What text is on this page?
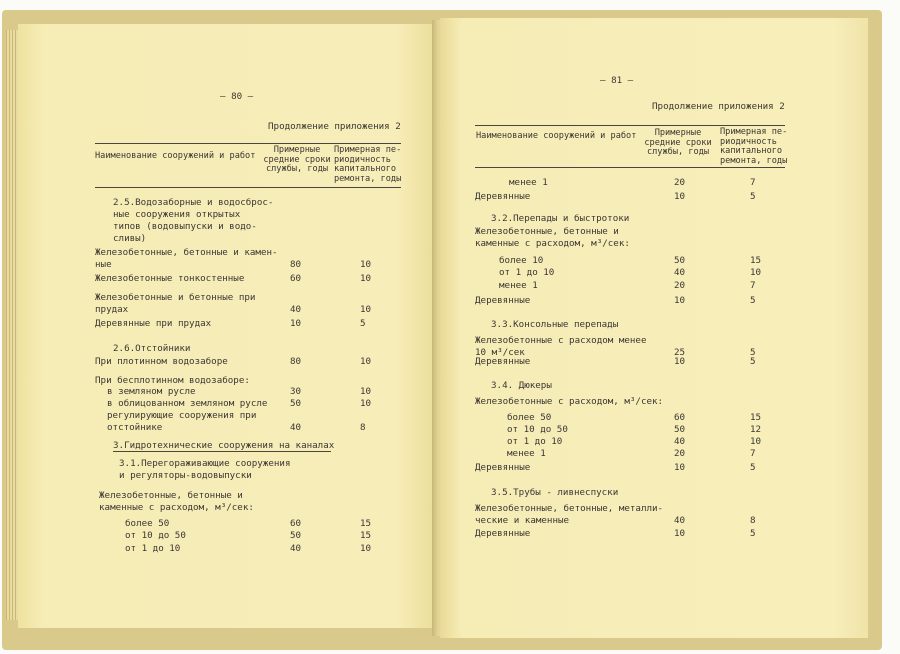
— 80 —
Продолжение приложения 2
Наименование сооружений и работ
Примерные
средние сроки
службы, годы
Примерная пе-
риодичность
капитального
ремонта, годы
2.5.Водозаборные и водосброс-
ные сооружения открытых
типов (водовыпуски и водо-
сливы)
Железобетонные, бетонные и камен-
ные	80	10
Железобетонные тонкостенные	60	10
Железобетонные и бетонные при
прудах	40	10
Деревянные при прудах	10	5
2.6.Отстойники
При плотинном водозаборе	80	10
При бесплотинном водозаборе:
в земляном русле	30	10
в облицованном земляном русле 50	10
регулирующие сооружения при
отстойнике	40	8
3.Гидротехнические сооружения на каналах
3.1.Перегораживающие сооружения
и регуляторы-водовыпуски
Железобетонные, бетонные и
каменные с расходом, м³/сек:
более 50	60	15
от 10 до 50	50	15
от 1 до 10	40	10
— 81 —
Продолжение приложения 2
Наименование сооружений и работ	Примерные
средние сроки
службы, годы
Примерная пе-
риодичность
капитального
ремонта, годы
менее 1	20	7
Деревянные	10	5
3.2.Перепады и быстротоки
Железобетонные, бетонные и
каменные с расходом, м³/сек:
более 10	50	15
от 1 до 10	40	10
менее 1	20	7
Деревянные	10	5
3.3.Консольные перепады
Железобетонные с расходом менее
10 м³/сек	25	5
Деревянные	10	5
3.4. Дюкеры
Железобетонные с расходом, м³/сек:
более 50	60	15
от 10 до 50	50	12
от 1 до 10	40	10
менее 1	20	7
Деревянные	10	5
3.5.Трубы - ливнеспуски
Железобетонные, бетонные, металли-
ческие и каменные	40	8
Деревянные	10	5
